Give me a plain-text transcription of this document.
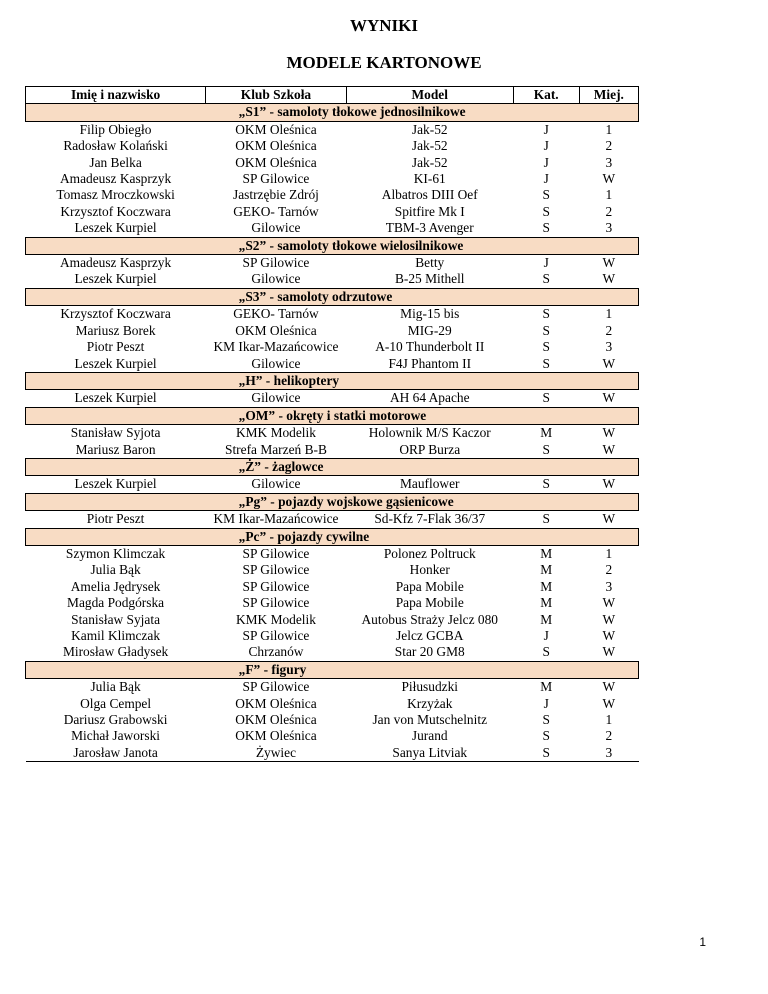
WYNIKI
MODELE KARTONOWE
Imię i nazwisko	Klub Szkoła	Model	Kat.	Miej.
	„S1” - samoloty tłokowe jednosilnikowe			
Filip Obiegło	OKM Oleśnica	Jak-52	J	1
Radosław Kolański	OKM Oleśnica	Jak-52	J	2
Jan Belka	OKM Oleśnica	Jak-52	J	3
Amadeusz Kasprzyk	SP Gilowice	KI-61	J	W
Tomasz Mroczkowski	Jastrzębie Zdrój	Albatros DIII Oef	S	1
Krzysztof Koczwara	GEKO- Tarnów	Spitfire Mk I	S	2
Leszek Kurpiel	Gilowice	TBM-3 Avenger	S	3
	„S2” - samoloty tłokowe wielosilnikowe			
Amadeusz Kasprzyk	SP Gilowice	Betty	J	W
Leszek Kurpiel	Gilowice	B-25 Mithell	S	W
	„S3” - samoloty odrzutowe			
Krzysztof Koczwara	GEKO- Tarnów	Mig-15 bis	S	1
Mariusz Borek	OKM Oleśnica	MIG-29	S	2
Piotr Peszt	KM Ikar-Mazańcowice	A-10 Thunderbolt II	S	3
Leszek Kurpiel	Gilowice	F4J Phantom II	S	W
	„H” - helikoptery			
Leszek Kurpiel	Gilowice	AH 64 Apache	S	W
	„OM” - okręty i statki motorowe			
Stanisław Syjota	KMK Modelik	Holownik M/S Kaczor	M	W
Mariusz Baron	Strefa Marzeń B-B	ORP Burza	S	W
	„Ż” - żaglowce			
Leszek Kurpiel	Gilowice	Mauflower	S	W
	„Pg” - pojazdy wojskowe gąsienicowe			
Piotr Peszt	KM Ikar-Mazańcowice	Sd-Kfz 7-Flak 36/37	S	W
	„Pc” - pojazdy cywilne			
Szymon Klimczak	SP Gilowice	Polonez Poltruck	M	1
Julia Bąk	SP Gilowice	Honker	M	2
Amelia Jędrysek	SP Gilowice	Papa Mobile	M	3
Magda Podgórska	SP Gilowice	Papa Mobile	M	W
Stanisław Syjata	KMK Modelik	Autobus Straży Jelcz 080	M	W
Kamil Klimczak	SP Gilowice	Jelcz GCBA	J	W
Mirosław Gładysek	Chrzanów	Star 20 GM8	S	W
	„F” - figury			
Julia Bąk	SP Gilowice	Piłusudzki	M	W
Olga Cempel	OKM Oleśnica	Krzyżak	J	W
Dariusz Grabowski	OKM Oleśnica	Jan von Mutschelnitz	S	1
Michał Jaworski	OKM Oleśnica	Jurand	S	2
Jarosław Janota	Żywiec	Sanya Litviak	S	3
1
